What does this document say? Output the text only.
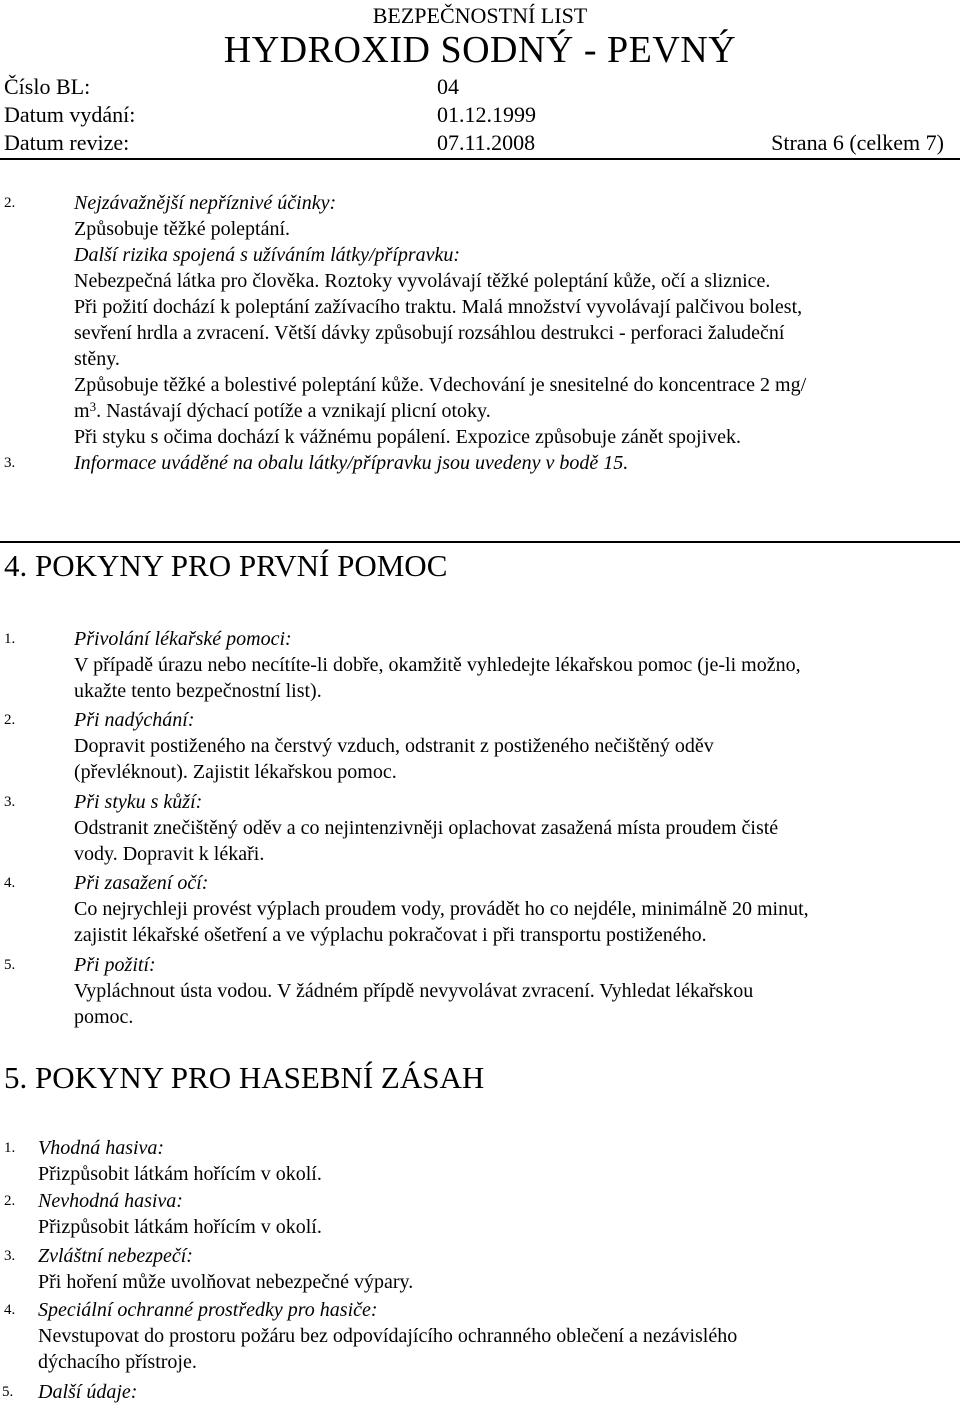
BEZPEČNOSTNÍ LIST
HYDROXID SODNÝ - PEVNÝ
Číslo BL:	04
Datum vydání:	01.12.1999
Datum revize:	07.11.2008	Strana 6 (celkem 7)
2.	Nejzávažnější nepříznivé účinky:
Způsobuje těžké poleptání.
Další rizika spojená s užíváním látky/přípravku:
Nebezpečná látka pro člověka. Roztoky vyvolávají těžké poleptání kůže, očí a sliznice.
Při požití dochází k poleptání zažívacího traktu. Malá množství vyvolávají palčivou bolest,
sevření hrdla a zvracení. Větší dávky způsobují rozsáhlou destrukci - perforaci žaludeční
stěny.
Způsobuje těžké a bolestivé poleptání kůže. Vdechování je snesitelné do koncentrace 2 mg/
$m^3$. Nastávají dýchací potíže a vznikají plicní otoky.
Při styku s očima dochází k vážnému popálení. Expozice způsobuje zánět spojivek.
3.	Informace uváděné na obalu látky/přípravku jsou uvedeny v bodě 15.
4. POKYNY PRO PRVNÍ POMOC
1.	Přivolání lékařské pomoci:
V případě úrazu nebo necítíte-li dobře, okamžitě vyhledejte lékařskou pomoc (je-li možno,
ukažte tento bezpečnostní list).
2.	Při nadýchání:
Dopravit postiženého na čerstvý vzduch, odstranit z postiženého nečištěný oděv
(převléknout). Zajistit lékařskou pomoc.
3.	Při styku s kůží:
Odstranit znečištěný oděv a co nejintenzivněji oplachovat zasažená místa proudem čisté
vody. Dopravit k lékaři.
4.	Při zasažení očí:
Co nejrychleji provést výplach proudem vody, provádět ho co nejdéle, minimálně 20 minut,
zajistit lékařské ošetření a ve výplachu pokračovat i při transportu postiženého.
5.	Při požití:
Vypláchnout ústa vodou. V žádném přípdě nevyvolávat zvracení. Vyhledat lékařskou
pomoc.
5. POKYNY PRO HASEBNÍ ZÁSAH
1. Vhodná hasiva:
Přizpůsobit látkám hořícím v okolí.
2. Nevhodná hasiva:
Přizpůsobit látkám hořícím v okolí.
3. Zvláštní nebezpečí:
Při hoření může uvolňovat nebezpečné výpary.
4. Speciální ochranné prostředky pro hasiče:
Nevstupovat do prostoru požáru bez odpovídajícího ochranného oblečení a nezávislého
dýchacího přístroje.
5. Další údaje:
